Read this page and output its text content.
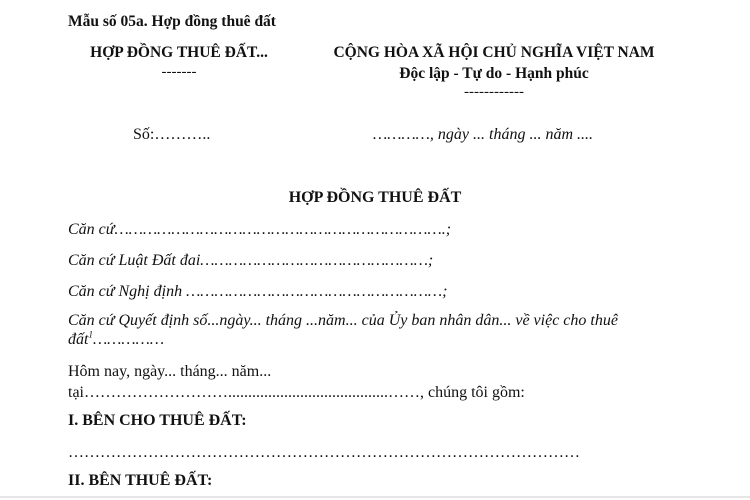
Mẫu số 05a. Hợp đồng thuê đất
HỢP ĐỒNG THUÊ ĐẤT...
-------
CỘNG HÒA XÃ HỘI CHỦ NGHĨA VIỆT NAM
Độc lập - Tự do - Hạnh phúc
------------
Số:………..	…………, ngày ... tháng ... năm ....
HỢP ĐỒNG THUÊ ĐẤT
Căn cứ…………………………………………………………….;
Căn cứ Luật Đất đai…………………………………………;
Căn cứ Nghị định ………………………………………………;
Căn cứ Quyết định số...ngày... tháng ...năm... của Ủy ban nhân dân... về việc cho thuê
đất$^1$……………
Hôm nay, ngày... tháng... năm...
tại………………………........................................……, chúng tôi gồm:
I. BÊN CHO THUÊ ĐẤT:
……………………………………………………………………………………
II. BÊN THUÊ ĐẤT:
